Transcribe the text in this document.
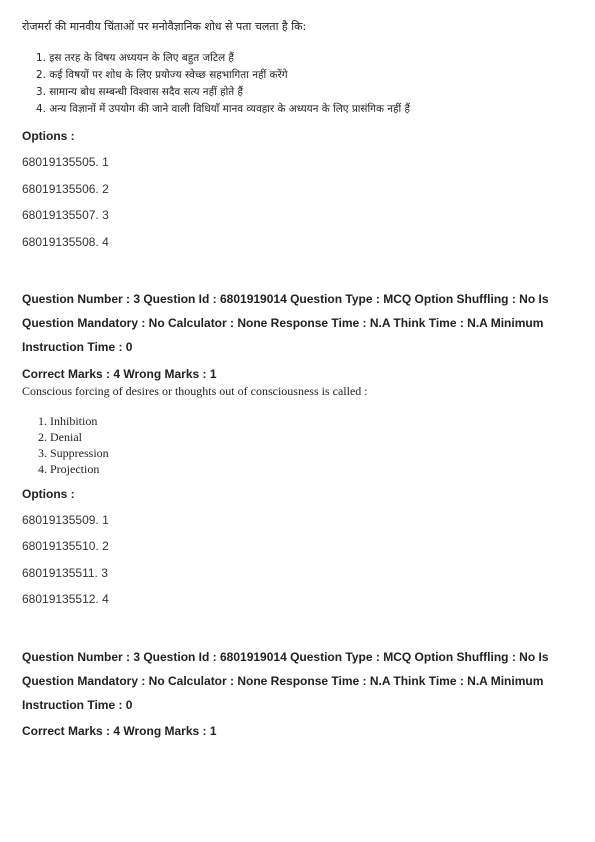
रोजमर्रा की मानवीय चिंताओं पर मनोवैज्ञानिक शोध से पता चलता है कि:
1. इस तरह के विषय अध्ययन के लिए बहुत जटिल हैं
2. कई विषयों पर शोध के लिए प्रयोज्य स्वेच्छ सहभागिता नहीं करेंगे
3. सामान्य बोध सम्बन्धी विश्वास सदैव सत्य नहीं होते हैं
4. अन्य विज्ञानों में उपयोग की जाने वाली विधियाँ मानव व्यवहार के अध्ययन के लिए प्रासंगिक नहीं हैं
Options :
68019135505. 1
68019135506. 2
68019135507. 3
68019135508. 4
Question Number : 3 Question Id : 6801919014 Question Type : MCQ Option Shuffling : No Is
Question Mandatory : No Calculator : None Response Time : N.A Think Time : N.A Minimum
Instruction Time : 0
Correct Marks : 4 Wrong Marks : 1
Conscious forcing of desires or thoughts out of consciousness is called :
1. Inhibition
2. Denial
3. Suppression
4. Projection
Options :
68019135509. 1
68019135510. 2
68019135511. 3
68019135512. 4
Question Number : 3 Question Id : 6801919014 Question Type : MCQ Option Shuffling : No Is
Question Mandatory : No Calculator : None Response Time : N.A Think Time : N.A Minimum
Instruction Time : 0
Correct Marks : 4 Wrong Marks : 1
